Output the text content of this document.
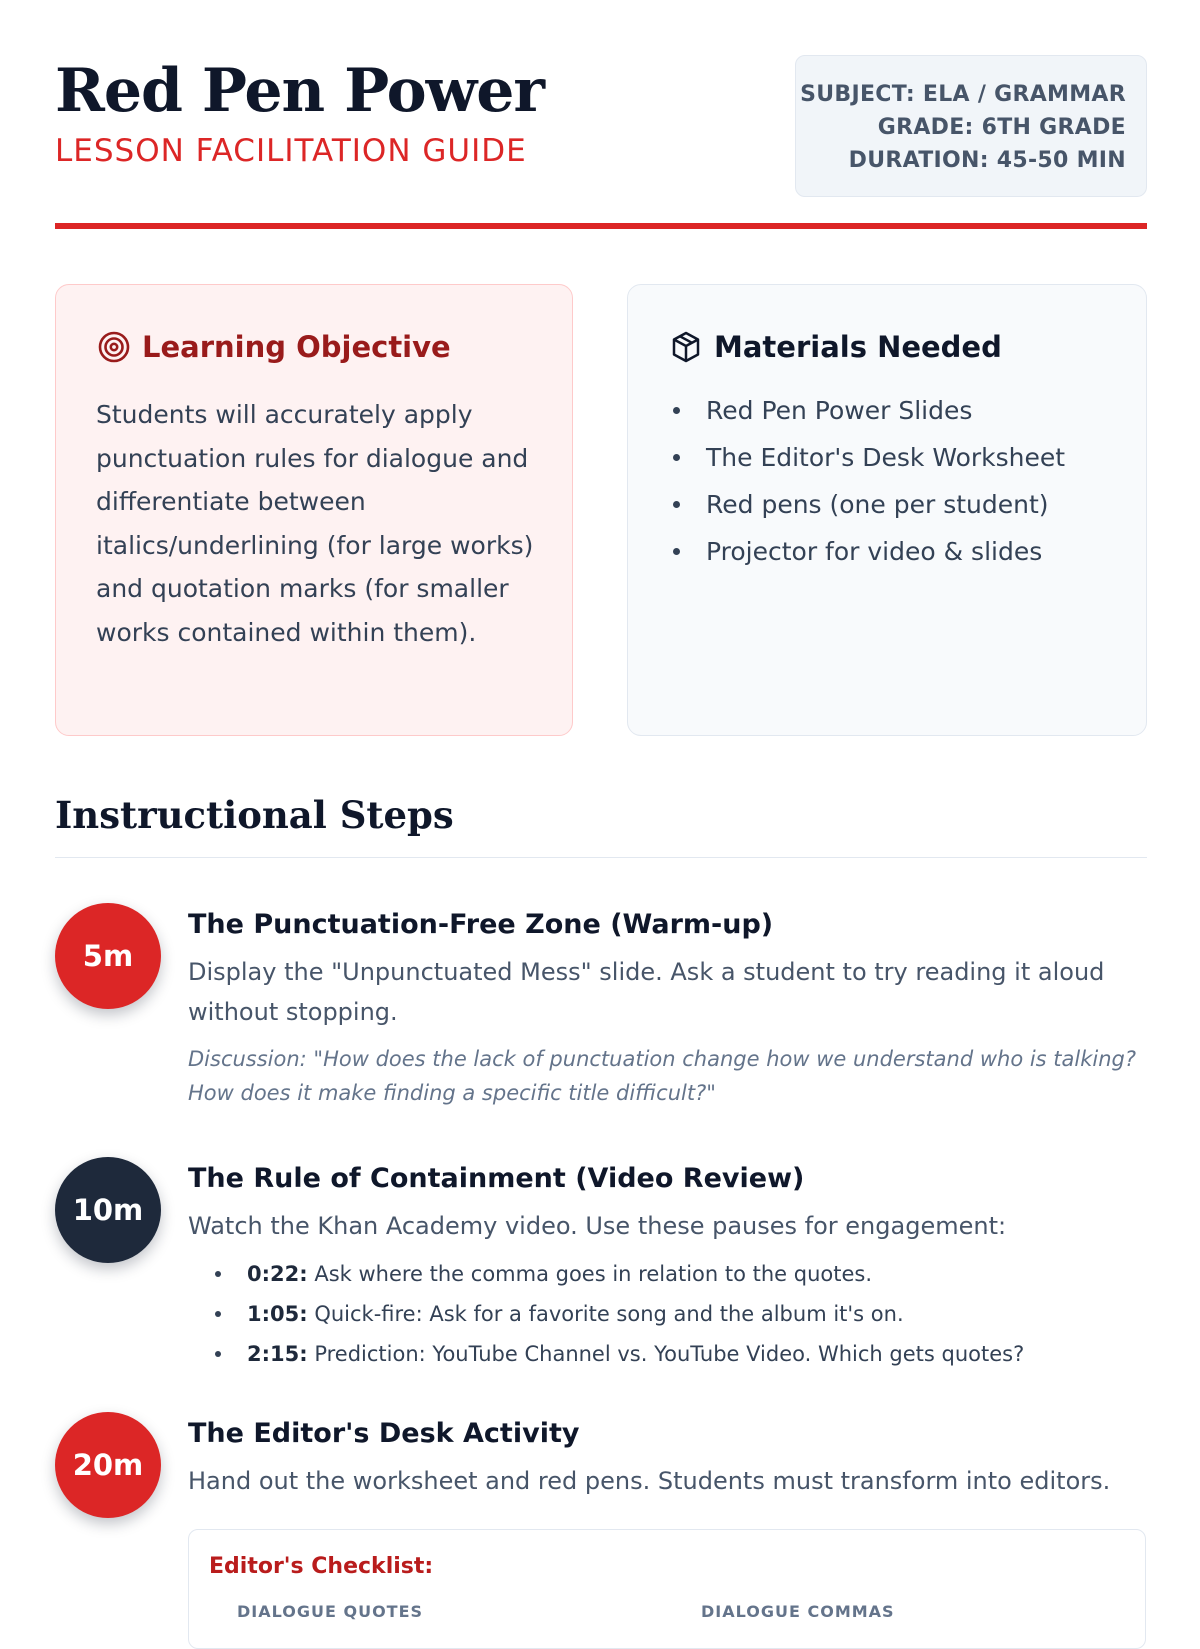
Red Pen Power
LESSON FACILITATION GUIDE
SUBJECT: ELA / GRAMMAR
GRADE: 6TH GRADE
DURATION: 45-50 MIN
Learning Objective

Students will accurately apply punctuation rules for dialogue and differentiate between italics/underlining (for large works) and quotation marks (for smaller works contained within them).

Materials Needed
Red Pen Power Slides
The Editor's Desk Worksheet
Red pens (one per student)
Projector for video & slides
Instructional Steps
5m
The Punctuation-Free Zone (Warm-up)
Display the "Unpunctuated Mess" slide. Ask a student to try reading it aloud without stopping.
Discussion: "How does the lack of punctuation change how we understand who is talking? How does it make finding a specific title difficult?"
10m
The Rule of Containment (Video Review)
Watch the Khan Academy video. Use these pauses for engagement:
0:22: Ask where the comma goes in relation to the quotes.
1:05: Quick-fire: Ask for a favorite song and the album it's on.
2:15: Prediction: YouTube Channel vs. YouTube Video. Which gets quotes?
20m
The Editor's Desk Activity
Hand out the worksheet and red pens. Students must transform into editors.
Editor's Checklist:
DIALOGUE QUOTES	DIALOGUE COMMAS
